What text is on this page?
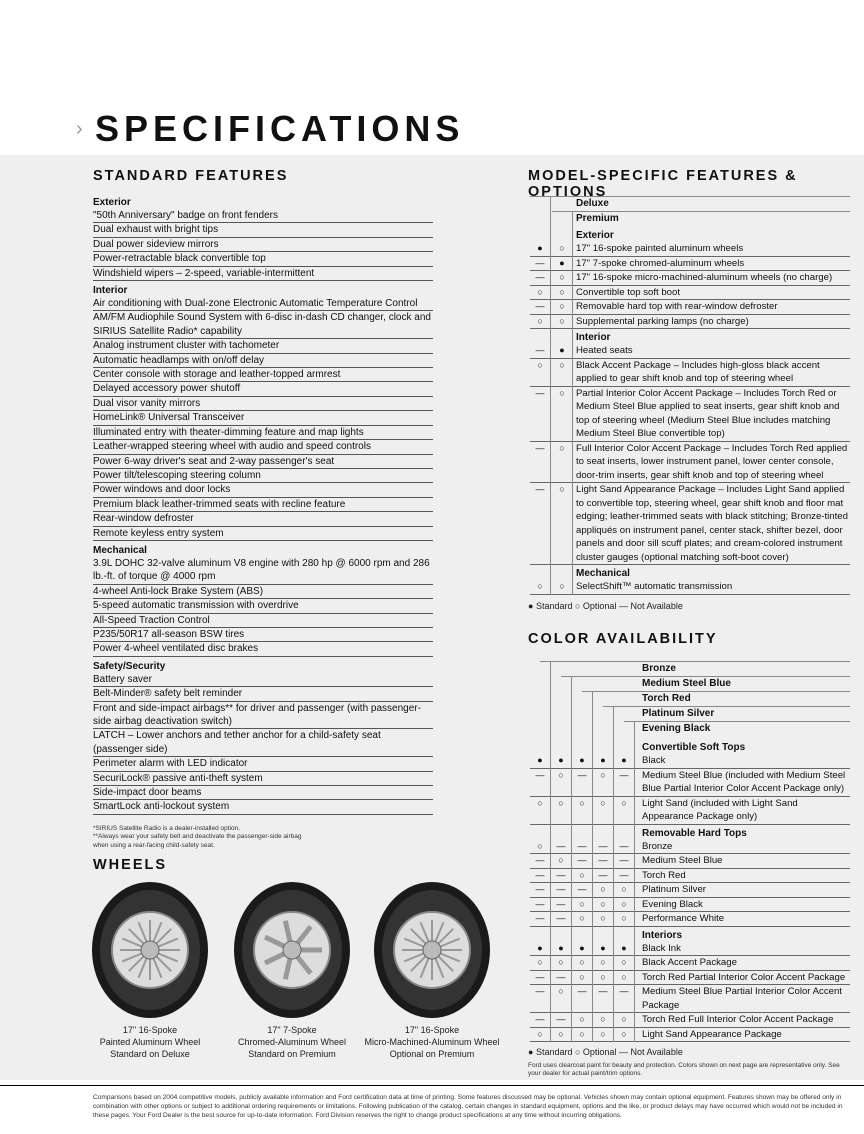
› SPECIFICATIONS
STANDARD FEATURES
Exterior
"50th Anniversary" badge on front fenders
Dual exhaust with bright tips
Dual power sideview mirrors
Power-retractable black convertible top
Windshield wipers – 2-speed, variable-intermittent
Interior
Air conditioning with Dual-zone Electronic Automatic Temperature Control
AM/FM Audiophile Sound System with 6-disc in-dash CD changer, clock and SIRIUS Satellite Radio* capability
Analog instrument cluster with tachometer
Automatic headlamps with on/off delay
Center console with storage and leather-topped armrest
Delayed accessory power shutoff
Dual visor vanity mirrors
HomeLink® Universal Transceiver
Illuminated entry with theater-dimming feature and map lights
Leather-wrapped steering wheel with audio and speed controls
Power 6-way driver's seat and 2-way passenger's seat
Power tilt/telescoping steering column
Power windows and door locks
Premium black leather-trimmed seats with recline feature
Rear-window defroster
Remote keyless entry system
Mechanical
3.9L DOHC 32-valve aluminum V8 engine with 280 hp @ 6000 rpm and 286 lb.-ft. of torque @ 4000 rpm
4-wheel Anti-lock Brake System (ABS)
5-speed automatic transmission with overdrive
All-Speed Traction Control
P235/50R17 all-season BSW tires
Power 4-wheel ventilated disc brakes
Safety/Security
Battery saver
Belt-Minder® safety belt reminder
Front and side-impact airbags** for driver and passenger (with passenger-side airbag deactivation switch)
LATCH – Lower anchors and tether anchor for a child-safety seat (passenger side)
Perimeter alarm with LED indicator
SecuriLock® passive anti-theft system
Side-impact door beams
SmartLock anti-lockout system
*SIRIUS Satellite Radio is a dealer-installed option.
**Always wear your safety belt and deactivate the passenger-side airbag
when using a rear-facing child-safety seat.
WHEELS
17" 16-Spoke
Painted Aluminum Wheel
Standard on Deluxe
17" 7-Spoke
Chromed-Aluminum Wheel
Standard on Premium
17" 16-Spoke
Micro-Machined-Aluminum Wheel
Optional on Premium
MODEL-SPECIFIC FEATURES & OPTIONS
Deluxe
Premium
Exterior
●	○	17" 16-spoke painted aluminum wheels
—	●	17" 7-spoke chromed-aluminum wheels
—	○	17" 16-spoke micro-machined-aluminum wheels (no charge)
○	○	Convertible top soft boot
—	○	Removable hard top with rear-window defroster
○	○	Supplemental parking lamps (no charge)
Interior
—	●	Heated seats
○	○	Black Accent Package – Includes high-gloss black accent applied to gear shift knob and top of steering wheel
—	○	Partial Interior Color Accent Package – Includes Torch Red or Medium Steel Blue applied to seat inserts, gear shift knob and top of steering wheel (Medium Steel Blue includes matching Medium Steel Blue convertible top)
—	○	Full Interior Color Accent Package – Includes Torch Red applied to seat inserts, lower instrument panel, lower center console, door-trim inserts, gear shift knob and top of steering wheel
—	○	Light Sand Appearance Package – Includes Light Sand applied to convertible top, steering wheel, gear shift knob and floor mat edging; leather-trimmed seats with black stitching; Bronze-tinted appliqués on instrument panel, center stack, shifter bezel, door panels and door sill scuff plates; and cream-colored instrument cluster gauges (optional matching soft-boot cover)
Mechanical
○	○	SelectShift™ automatic transmission
● Standard ○ Optional — Not Available
COLOR AVAILABILITY
Bronze
Medium Steel Blue
Torch Red
Platinum Silver
Evening Black
Convertible Soft Tops
●	●	●	●	●	Black
—	○	—	○	—	Medium Steel Blue (included with Medium Steel Blue Partial Interior Color Accent Package only)
○	○	○	○	○	Light Sand (included with Light Sand Appearance Package only)
Removable Hard Tops
○	—	—	—	—	Bronze
—	○	—	—	—	Medium Steel Blue
—	—	○	—	—	Torch Red
—	—	—	○	○	Platinum Silver
—	—	○	○	○	Evening Black
—	—	○	○	○	Performance White
Interiors
●	●	●	●	●	Black Ink
○	○	○	○	○	Black Accent Package
—	—	○	○	○	Torch Red Partial Interior Color Accent Package
—	○	—	—	—	Medium Steel Blue Partial Interior Color Accent Package
—	—	○	○	○	Torch Red Full Interior Color Accent Package
○	○	○	○	○	Light Sand Appearance Package
● Standard ○ Optional — Not Available
Ford uses clearcoat paint for beauty and protection. Colors shown on next page are representative only. See your dealer for actual paint/trim options.
Comparisons based on 2004 competitive models, publicly available information and Ford certification data at time of printing. Some features discussed may be optional. Vehicles shown may contain optional equipment. Features shown may be offered only in combination with other options or subject to additional ordering requirements or limitations. Following publication of the catalog, certain changes in standard equipment, options and the like, or product delays may have occurred which would not be included in these pages. Your Ford Dealer is the best source for up-to-date information. Ford Division reserves the right to change product specifications at any time without incurring obligations.
